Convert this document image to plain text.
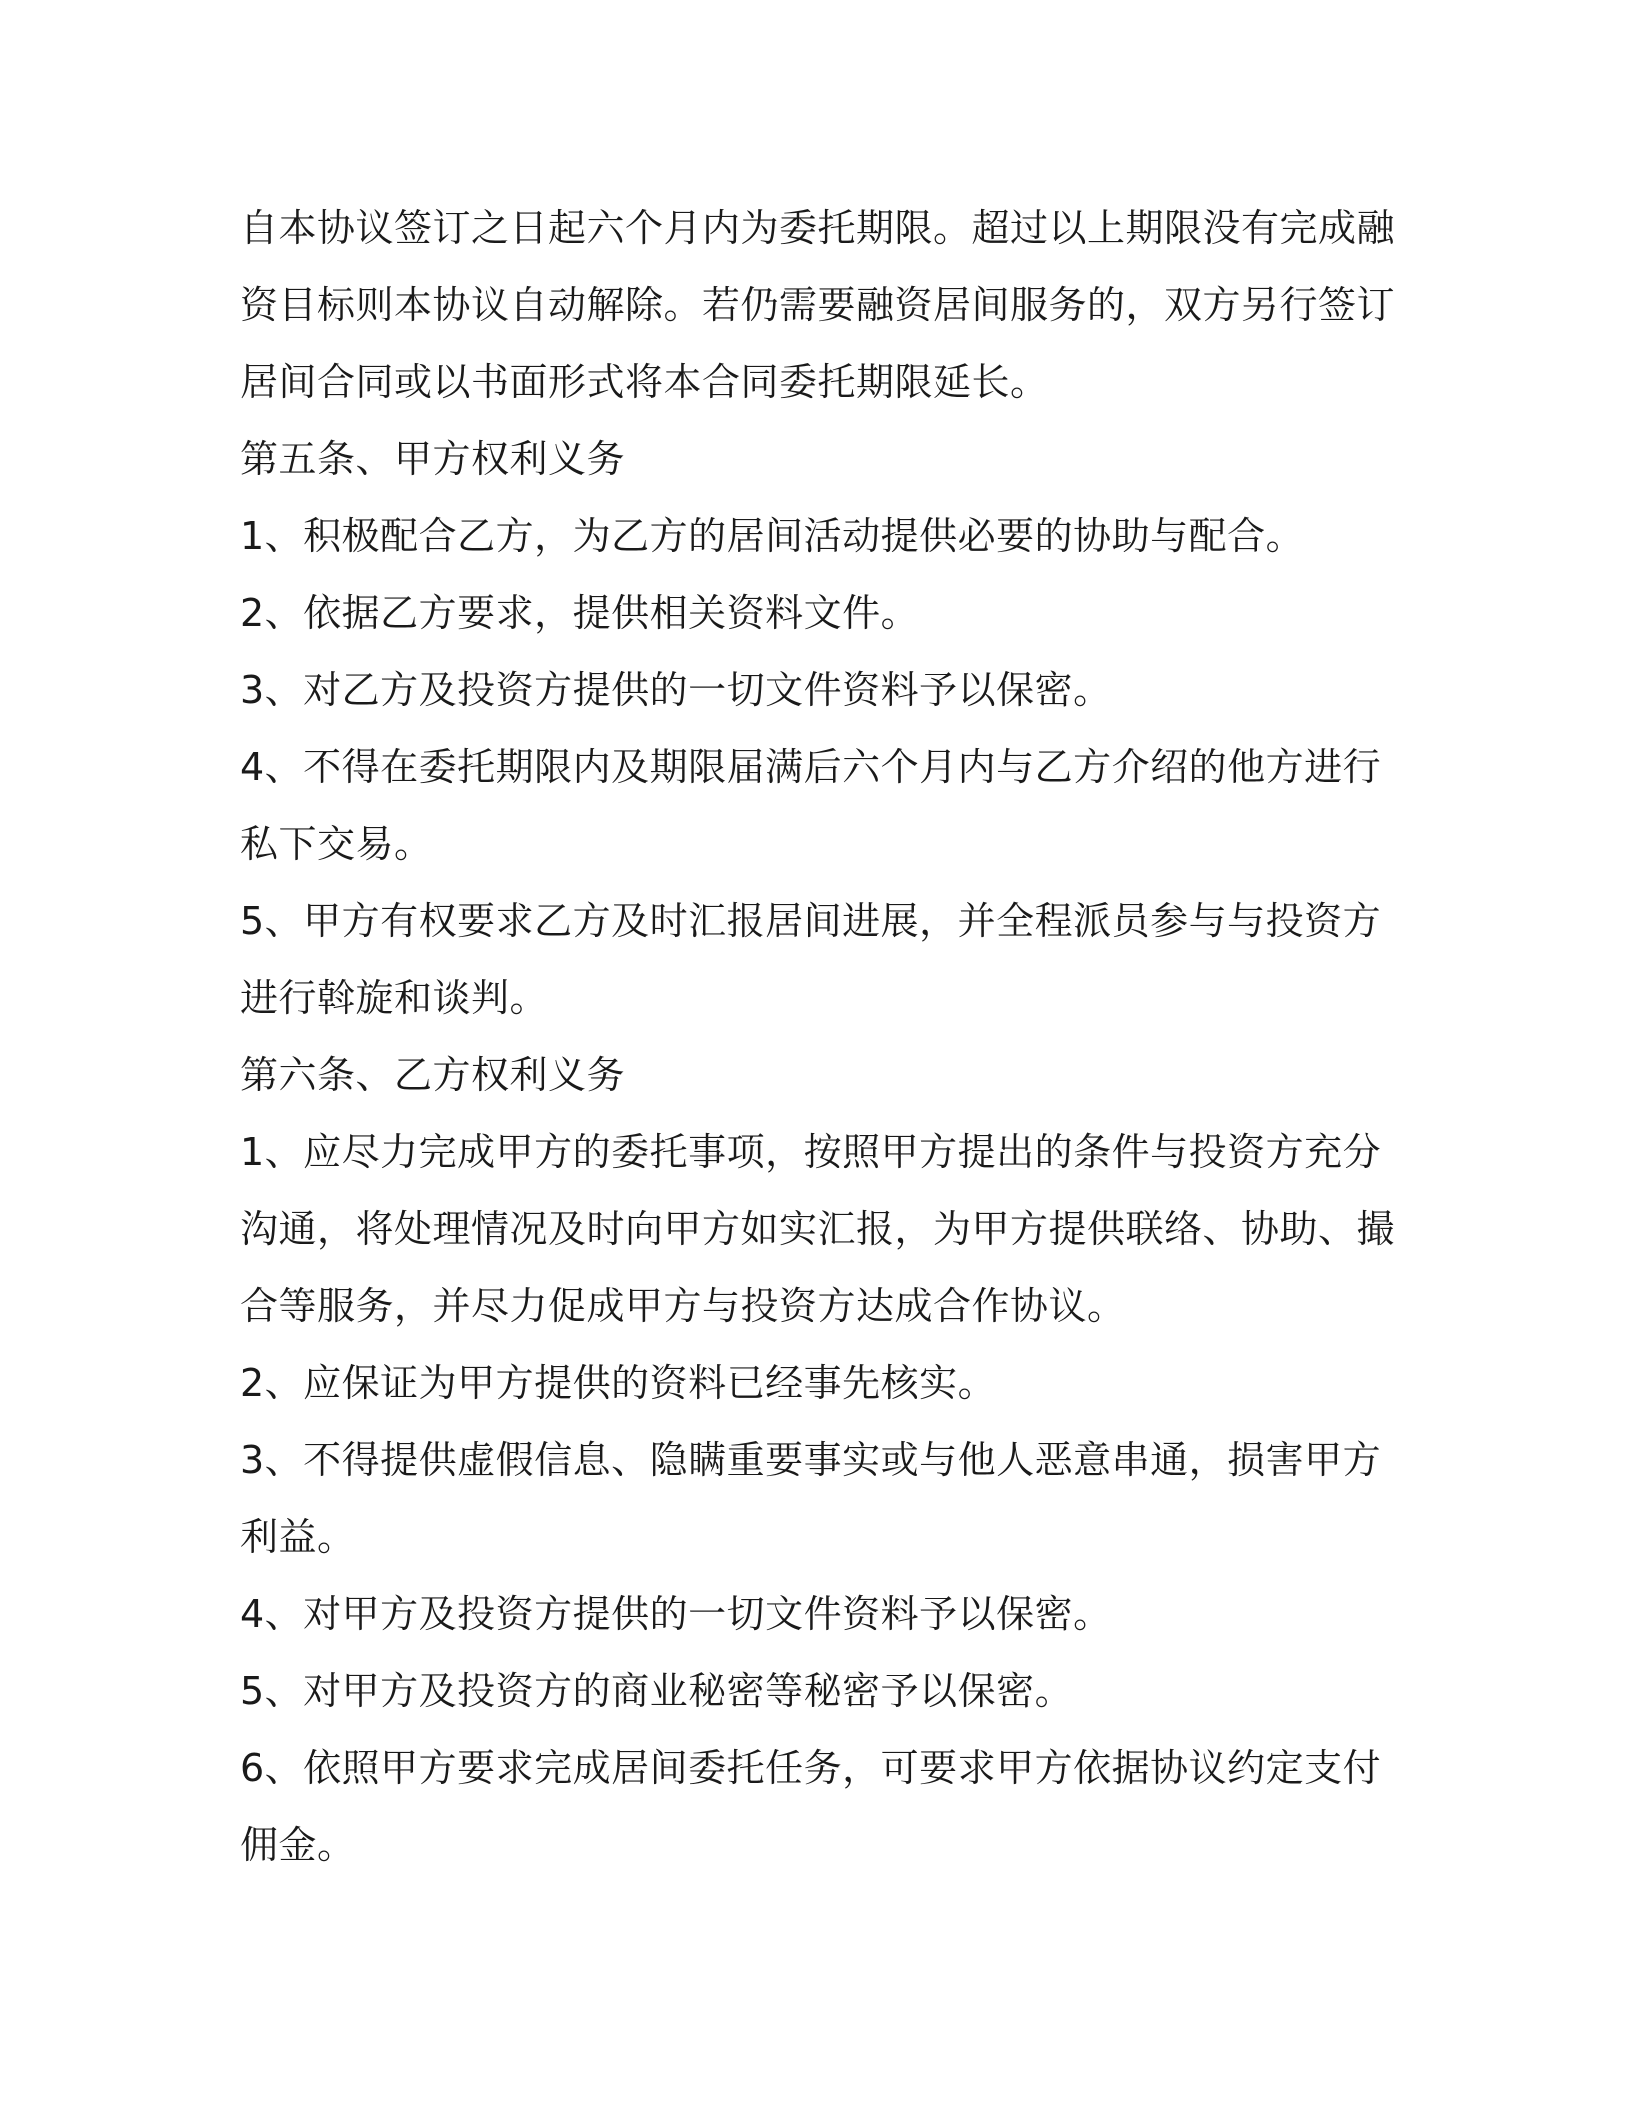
自本协议签订之日起六个月内为委托期限。超过以上期限没有完成融资目标则本协议自动解除。若仍需要融资居间服务的，双方另行签订居间合同或以书面形式将本合同委托期限延长。

第五条、甲方权利义务

1、积极配合乙方，为乙方的居间活动提供必要的协助与配合。

2、依据乙方要求，提供相关资料文件。

3、对乙方及投资方提供的一切文件资料予以保密。

4、不得在委托期限内及期限届满后六个月内与乙方介绍的他方进行私下交易。

5、甲方有权要求乙方及时汇报居间进展，并全程派员参与与投资方进行斡旋和谈判。

第六条、乙方权利义务

1、应尽力完成甲方的委托事项，按照甲方提出的条件与投资方充分沟通，将处理情况及时向甲方如实汇报，为甲方提供联络、协助、撮合等服务，并尽力促成甲方与投资方达成合作协议。

2、应保证为甲方提供的资料已经事先核实。

3、不得提供虚假信息、隐瞒重要事实或与他人恶意串通，损害甲方利益。

4、对甲方及投资方提供的一切文件资料予以保密。

5、对甲方及投资方的商业秘密等秘密予以保密。

6、依照甲方要求完成居间委托任务，可要求甲方依据协议约定支付佣金。
